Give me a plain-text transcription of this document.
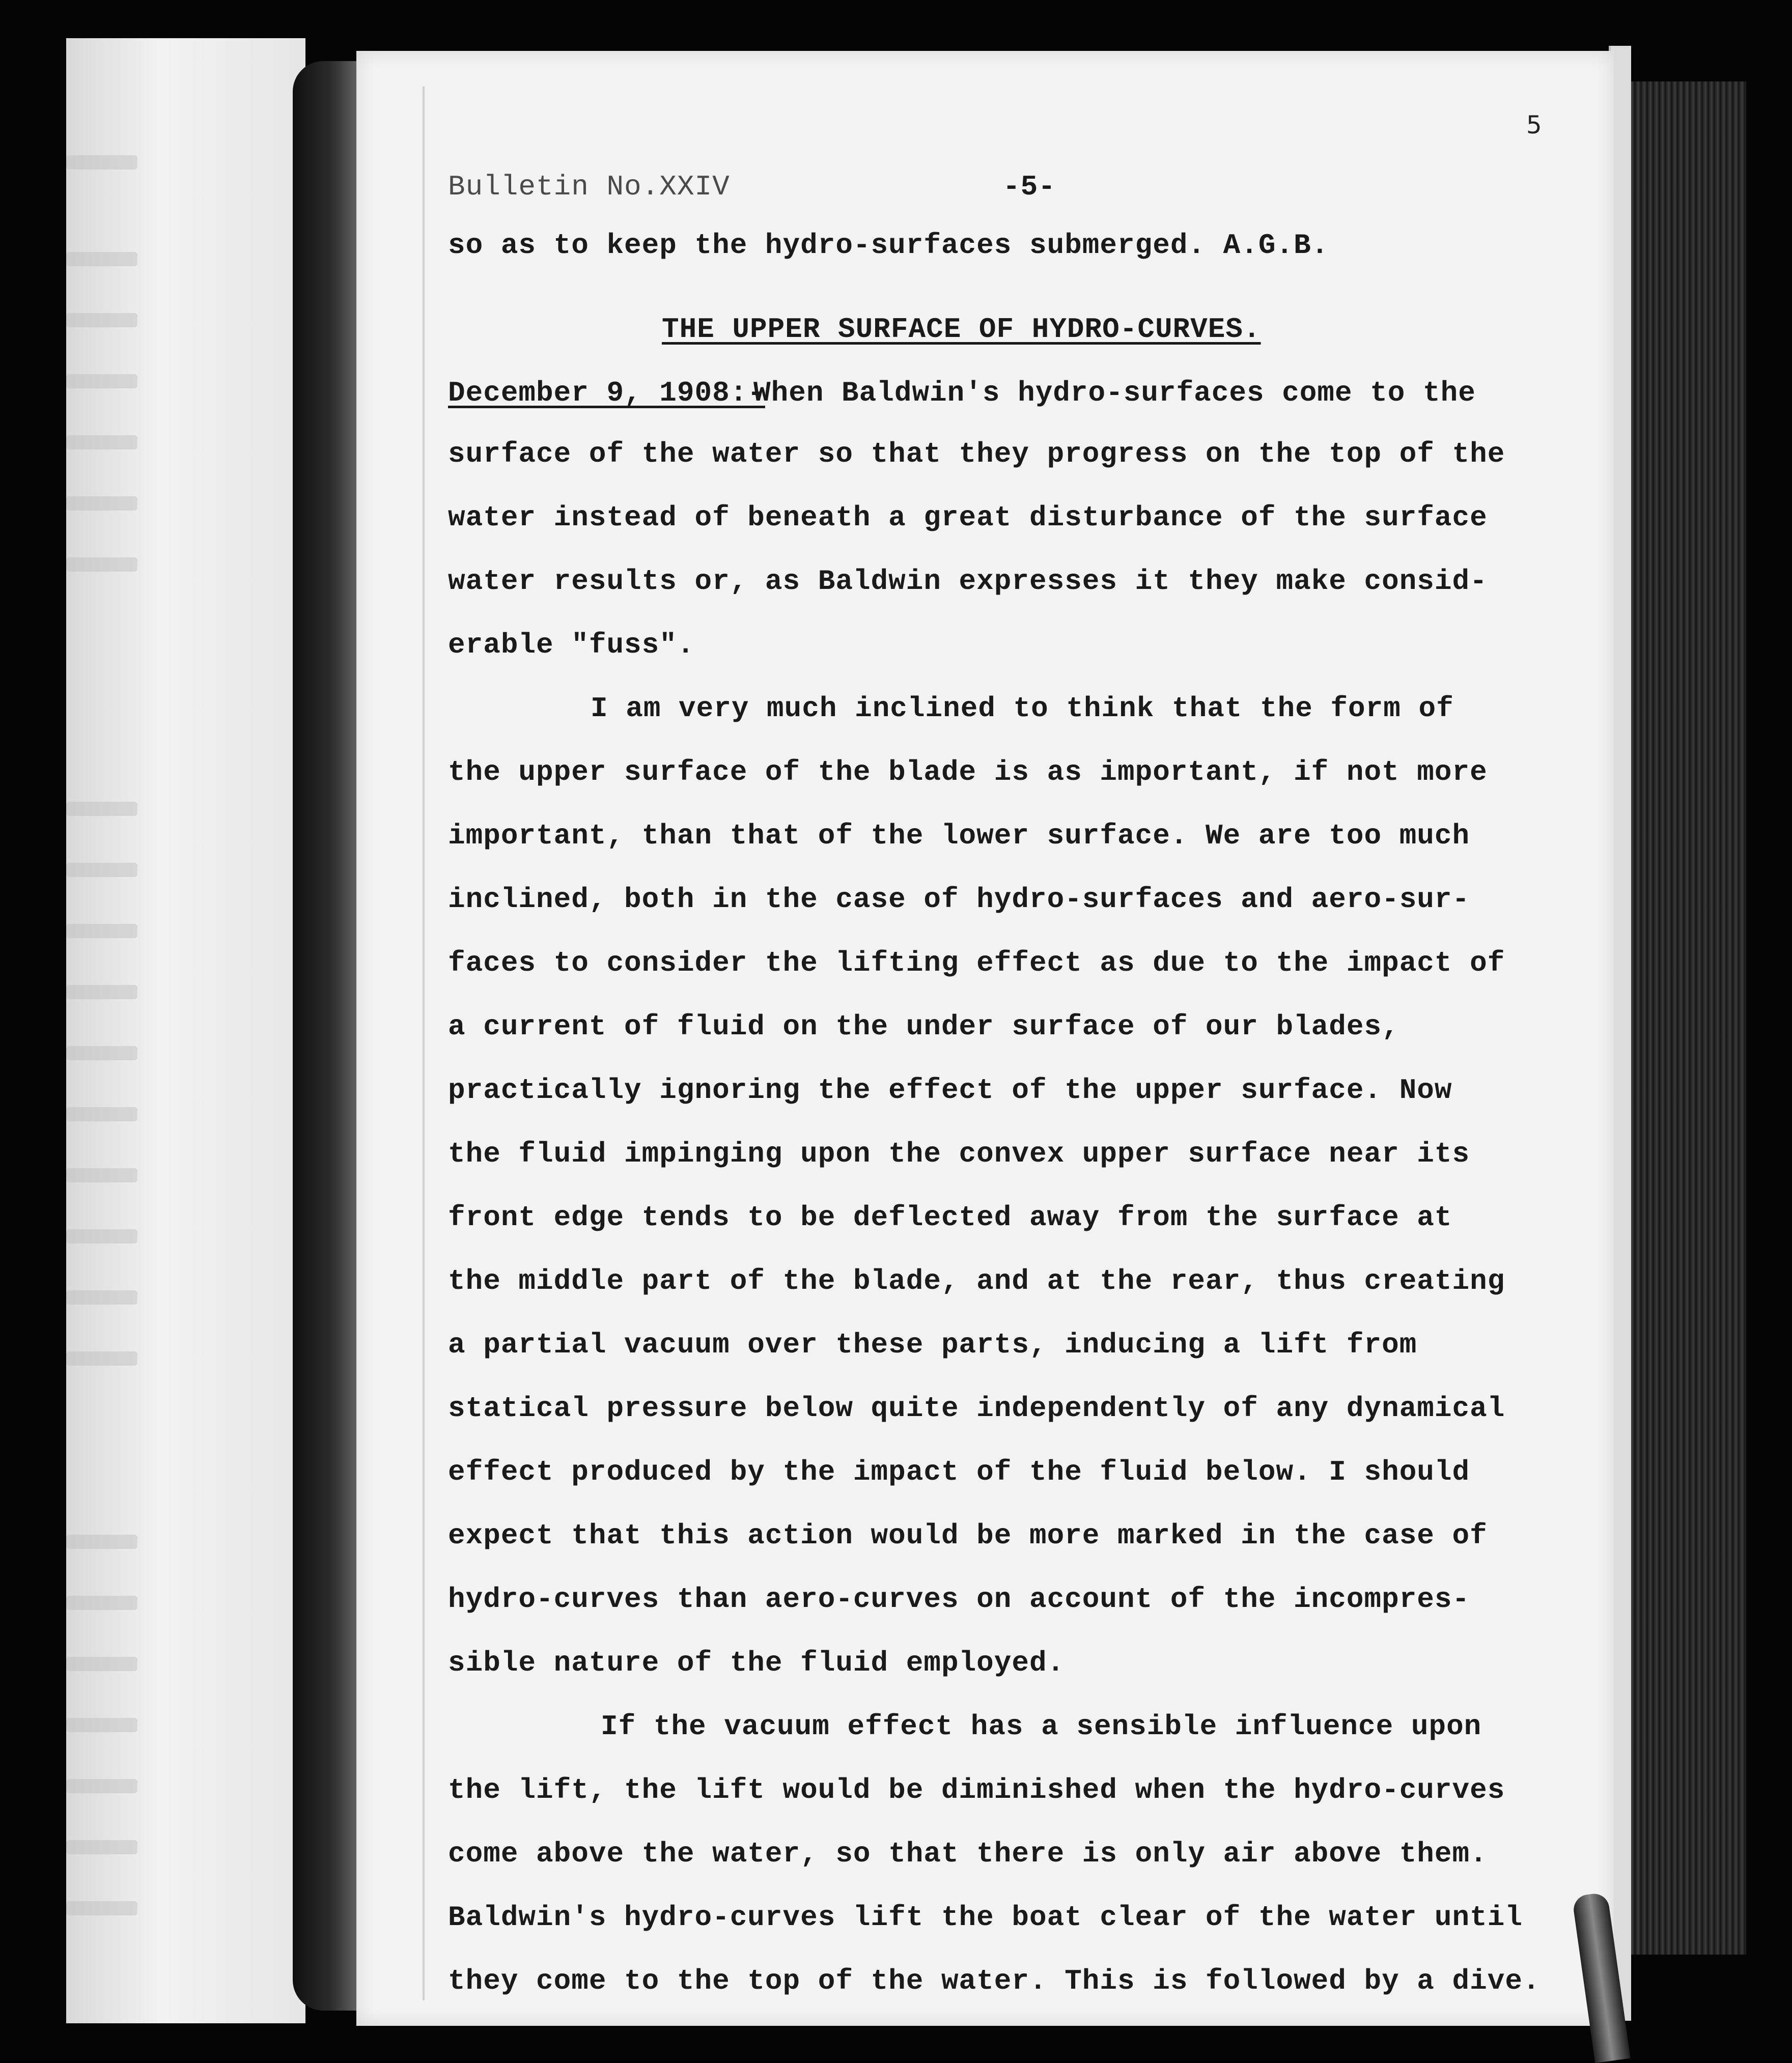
5
Bulletin No.XXIV	-5-
so as to keep the hydro-surfaces submerged. A.G.B.
THE UPPER SURFACE OF HYDRO-CURVES.
December 9, 1908:-
When Baldwin's hydro-surfaces come to the
surface of the water so that they progress on the top of the
water instead of beneath a great disturbance of the surface
water results or, as Baldwin expresses it they make consid-
erable "fuss".
I am very much inclined to think that the form of
the upper surface of the blade is as important, if not more
important, than that of the lower surface. We are too much
inclined, both in the case of hydro-surfaces and aero-sur-
faces to consider the lifting effect as due to the impact of
a current of fluid on the under surface of our blades,
practically ignoring the effect of the upper surface. Now
the fluid impinging upon the convex upper surface near its
front edge tends to be deflected away from the surface at
the middle part of the blade, and at the rear, thus creating
a partial vacuum over these parts, inducing a lift from
statical pressure below quite independently of any dynamical
effect produced by the impact of the fluid below. I should
expect that this action would be more marked in the case of
hydro-curves than aero-curves on account of the incompres-
sible nature of the fluid employed.
If the vacuum effect has a sensible influence upon
the lift, the lift would be diminished when the hydro-curves
come above the water, so that there is only air above them.
Baldwin's hydro-curves lift the boat clear of the water until
they come to the top of the water. This is followed by a dive.
